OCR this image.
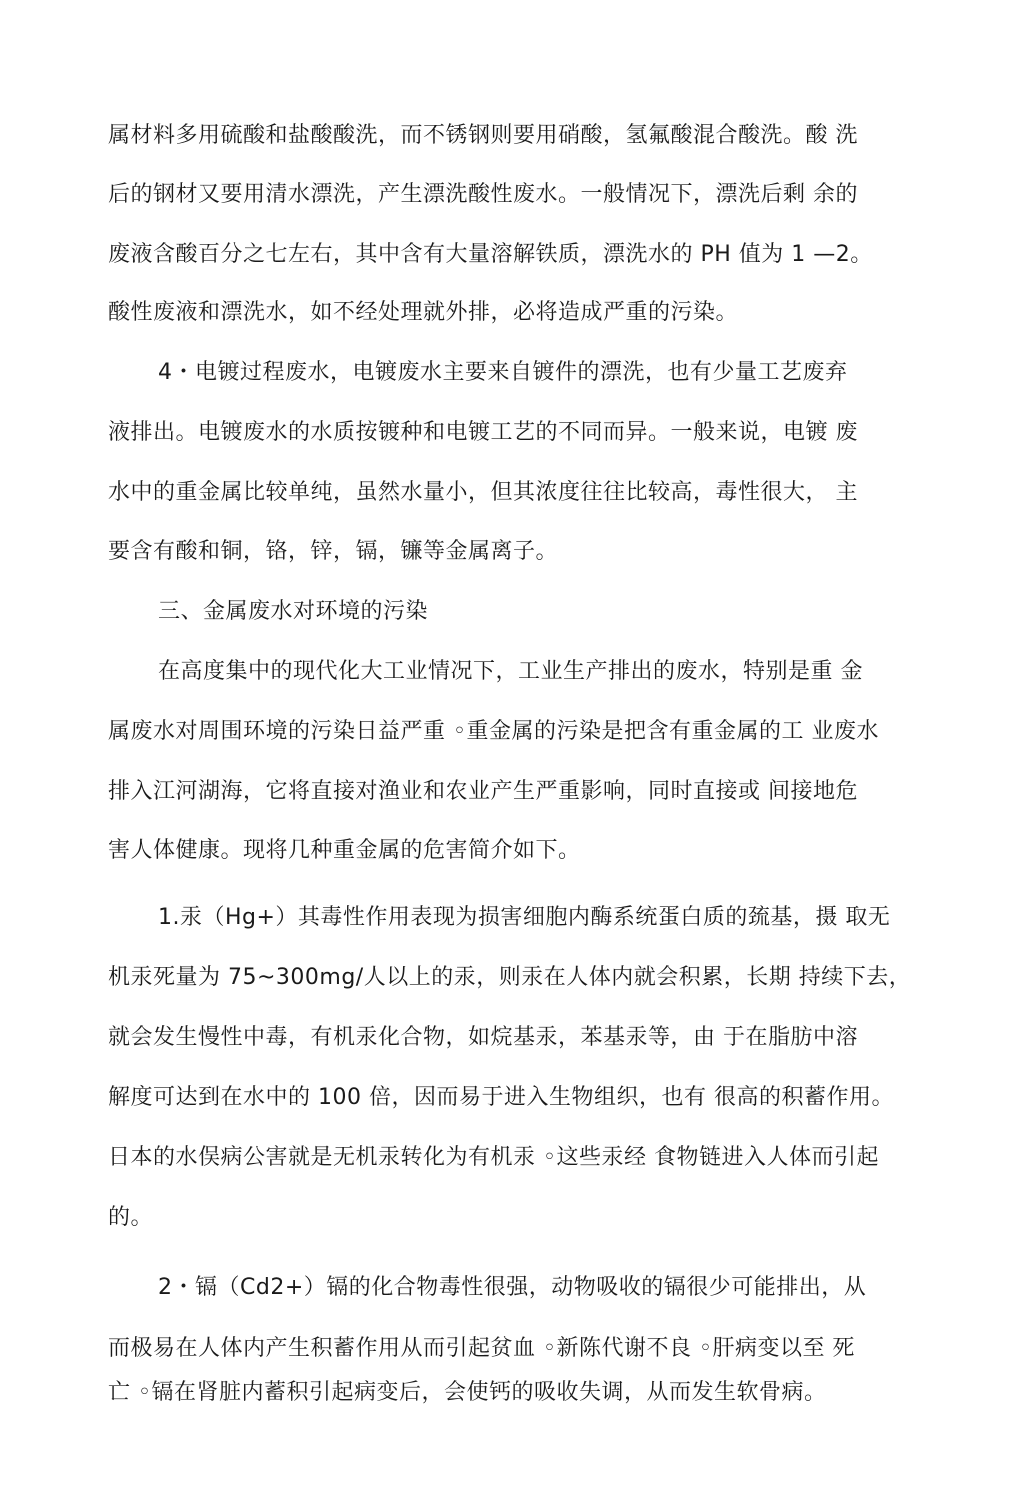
属材料多用硫酸和盐酸酸洗，而不锈钢则要用硝酸，氢氟酸混合酸洗。酸 洗
后的钢材又要用清水漂洗，产生漂洗酸性废水。一般情况下，漂洗后剩 余的
废液含酸百分之七左右，其中含有大量溶解铁质，漂洗水的 PH 值为 1 —2。
酸性废液和漂洗水，如不经处理就外排，必将造成严重的污染。
4・电镀过程废水，电镀废水主要来自镀件的漂洗，也有少量工艺废弃
液排出。电镀废水的水质按镀种和电镀工艺的不同而异。一般来说，电镀 废
水中的重金属比较单纯，虽然水量小，但其浓度往往比较高，毒性很大， 主
要含有酸和铜，铬，锌，镉，镰等金属离子。
三、金属废水对环境的污染
在高度集中的现代化大工业情况下，工业生产排出的废水，特别是重 金
属废水对周围环境的污染日益严重 ◦重金属的污染是把含有重金属的工 业废水
排入江河湖海，它将直接对渔业和农业产生严重影响，同时直接或 间接地危
害人体健康。现将几种重金属的危害简介如下。
1.汞（Hg+）其毒性作用表现为损害细胞内酶系统蛋白质的巯基，摄 取无
机汞死量为 75~300mg/人以上的汞，则汞在人体内就会积累，长期 持续下去，
就会发生慢性中毒，有机汞化合物，如烷基汞，苯基汞等，由 于在脂肪中溶
解度可达到在水中的 100 倍，因而易于进入生物组织，也有 很高的积蓄作用。
日本的水俣病公害就是无机汞转化为有机汞 ◦这些汞经 食物链进入人体而引起
的。
2・镉（Cd2+）镉的化合物毒性很强，动物吸收的镉很少可能排出，从
而极易在人体内产生积蓄作用从而引起贫血 ◦新陈代谢不良 ◦肝病变以至 死
亡 ◦镉在肾脏内蓄积引起病变后，会使钙的吸收失调，从而发生软骨病。
